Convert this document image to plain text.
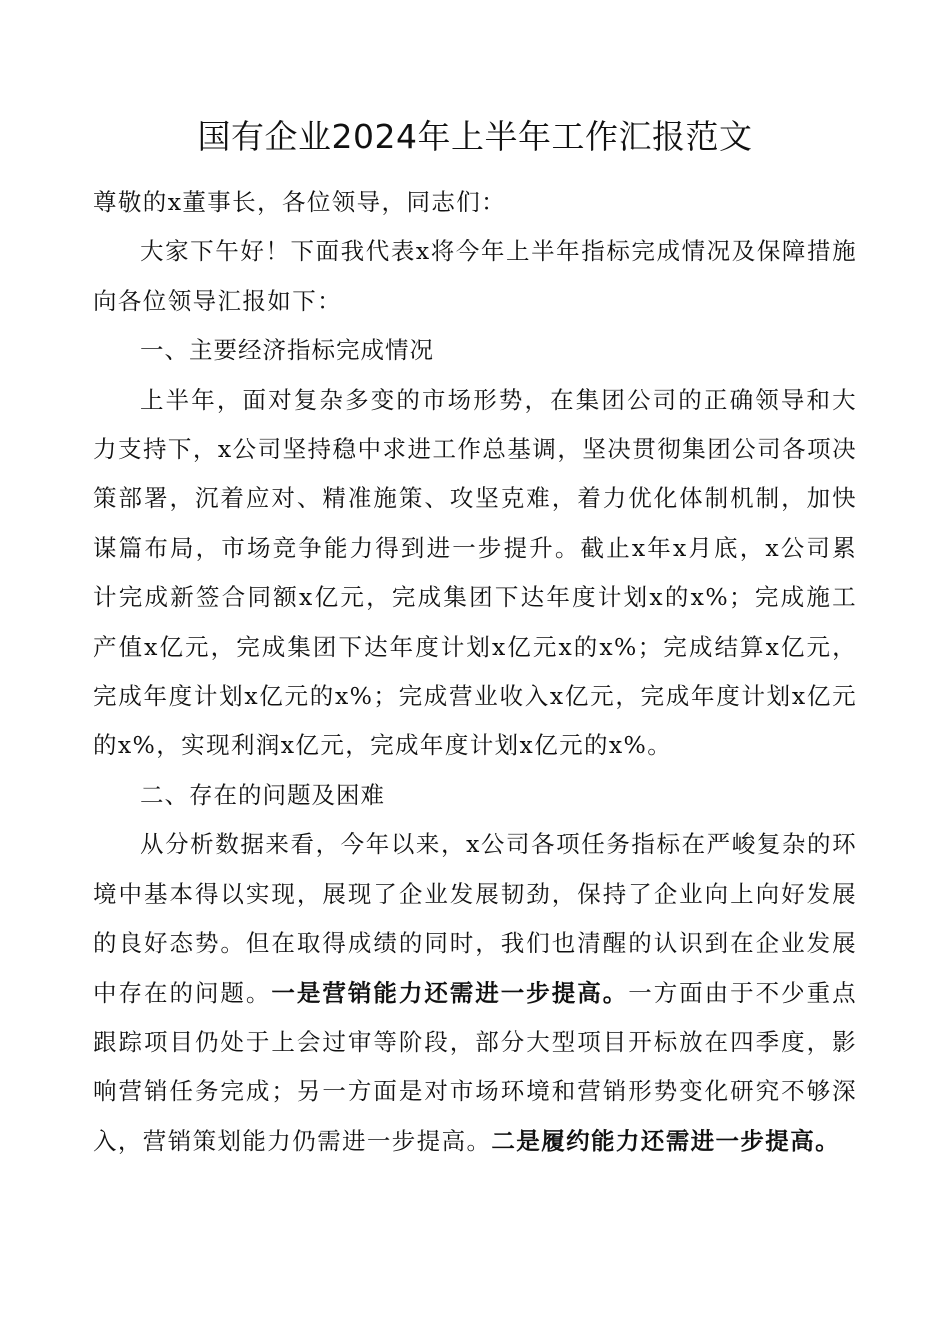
国有企业2024年上半年工作汇报范文

尊敬的x董事长，各位领导，同志们：

大家下午好！下面我代表x将今年上半年指标完成情况及保障措施向各位领导汇报如下：

一、主要经济指标完成情况

上半年，面对复杂多变的市场形势，在集团公司的正确领导和大力支持下，x公司坚持稳中求进工作总基调，坚决贯彻集团公司各项决策部署，沉着应对、精准施策、攻坚克难，着力优化体制机制，加快谋篇布局，市场竞争能力得到进一步提升。截止x年x月底，x公司累计完成新签合同额x亿元，完成集团下达年度计划x的x%；完成施工产值x亿元，完成集团下达年度计划x亿元x的x%；完成结算x亿元，完成年度计划x亿元的x%；完成营业收入x亿元，完成年度计划x亿元的x%，实现利润x亿元，完成年度计划x亿元的x%。

二、存在的问题及困难

从分析数据来看，今年以来，x公司各项任务指标在严峻复杂的环境中基本得以实现，展现了企业发展韧劲，保持了企业向上向好发展的良好态势。但在取得成绩的同时，我们也清醒的认识到在企业发展中存在的问题。一是营销能力还需进一步提高。一方面由于不少重点跟踪项目仍处于上会过审等阶段，部分大型项目开标放在四季度，影响营销任务完成；另一方面是对市场环境和营销形势变化研究不够深入，营销策划能力仍需进一步提高。二是履约能力还需进一步提高。
